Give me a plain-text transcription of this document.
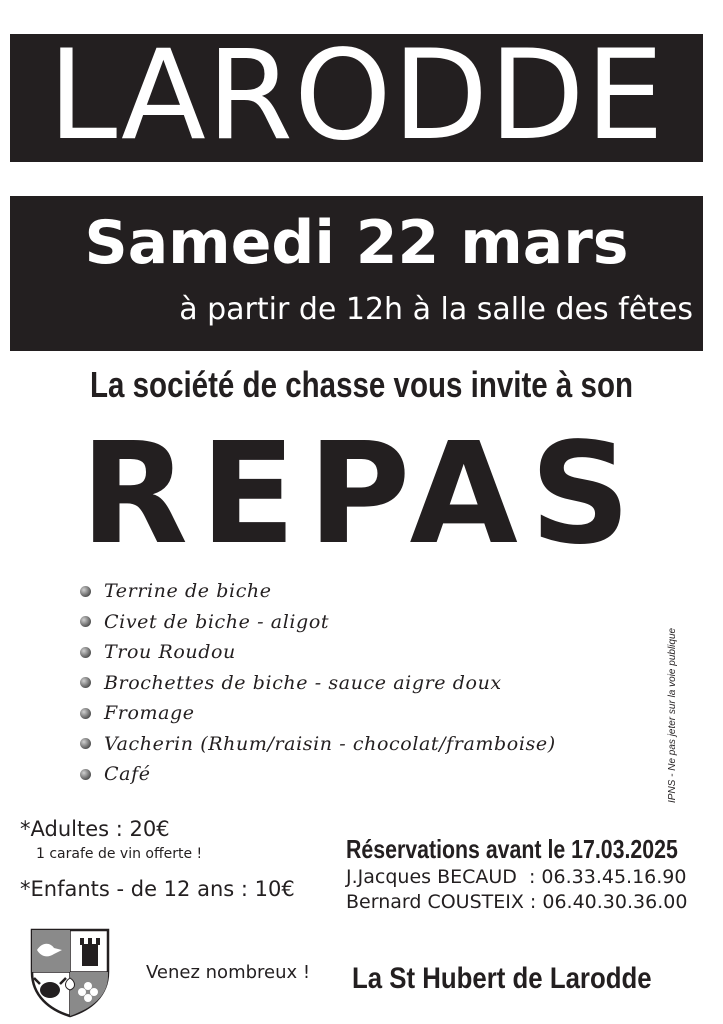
LARODDE
Samedi 22 mars
à partir de 12h à la salle des fêtes
La société de chasse vous invite à son
REPAS
Terrine de biche
Civet de biche - aligot
Trou Roudou
Brochettes de biche - sauce aigre doux
Fromage
Vacherin (Rhum/raisin - chocolat/framboise)
Café	IPNS - Ne pas jeter sur la voie publique
*Adultes : 20€
1 carafe de vin offerte !
*Enfants - de 12 ans : 10€
Réservations avant le 17.03.2025
J.Jacques BECAUD  : 06.33.45.16.90
Bernard COUSTEIX : 06.40.30.36.00
Venez nombreux ! La St Hubert de Larodde
